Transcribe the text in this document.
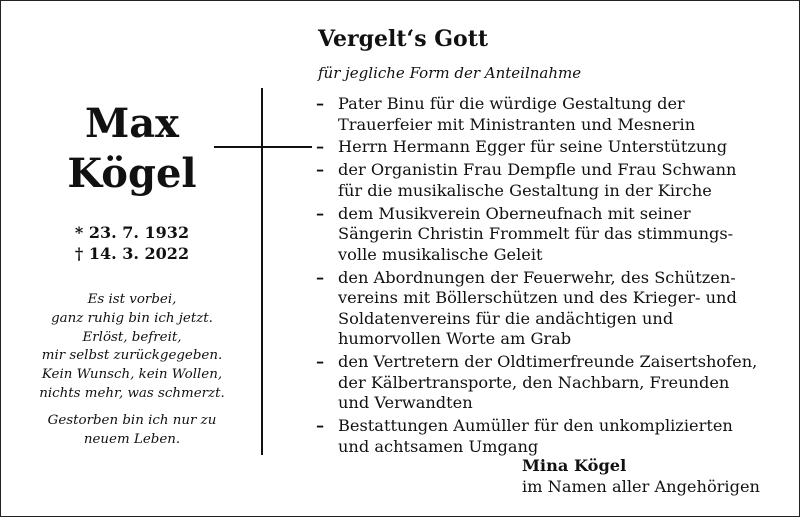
Max
Kögel
* 23. 7. 1932
† 14. 3. 2022
Es ist vorbei,
ganz ruhig bin ich jetzt.
Erlöst, befreit,
mir selbst zurückgegeben.
Kein Wunsch, kein Wollen,
nichts mehr, was schmerzt.
Gestorben bin ich nur zu
neuem Leben.
Vergelt‘s Gott
für jegliche Form der Anteilnahme
– Pater Binu für die würdige Gestaltung der
Trauerfeier mit Ministranten und Mesnerin
– Herrn Hermann Egger für seine Unterstützung
– der Organistin Frau Dempfle und Frau Schwann
für die musikalische Gestaltung in der Kirche
– dem Musikverein Oberneufnach mit seiner
Sängerin Christin Frommelt für das stimmungs-
volle musikalische Geleit
– den Abordnungen der Feuerwehr, des Schützen-
vereins mit Böllerschützen und des Krieger- und
Soldatenvereins für die andächtigen und
humorvollen Worte am Grab
– den Vertretern der Oldtimerfreunde Zaisertshofen,
der Kälbertransporte, den Nachbarn, Freunden
und Verwandten
– Bestattungen Aumüller für den unkomplizierten
und achtsamen Umgang
Mina Kögel
im Namen aller Angehörigen
